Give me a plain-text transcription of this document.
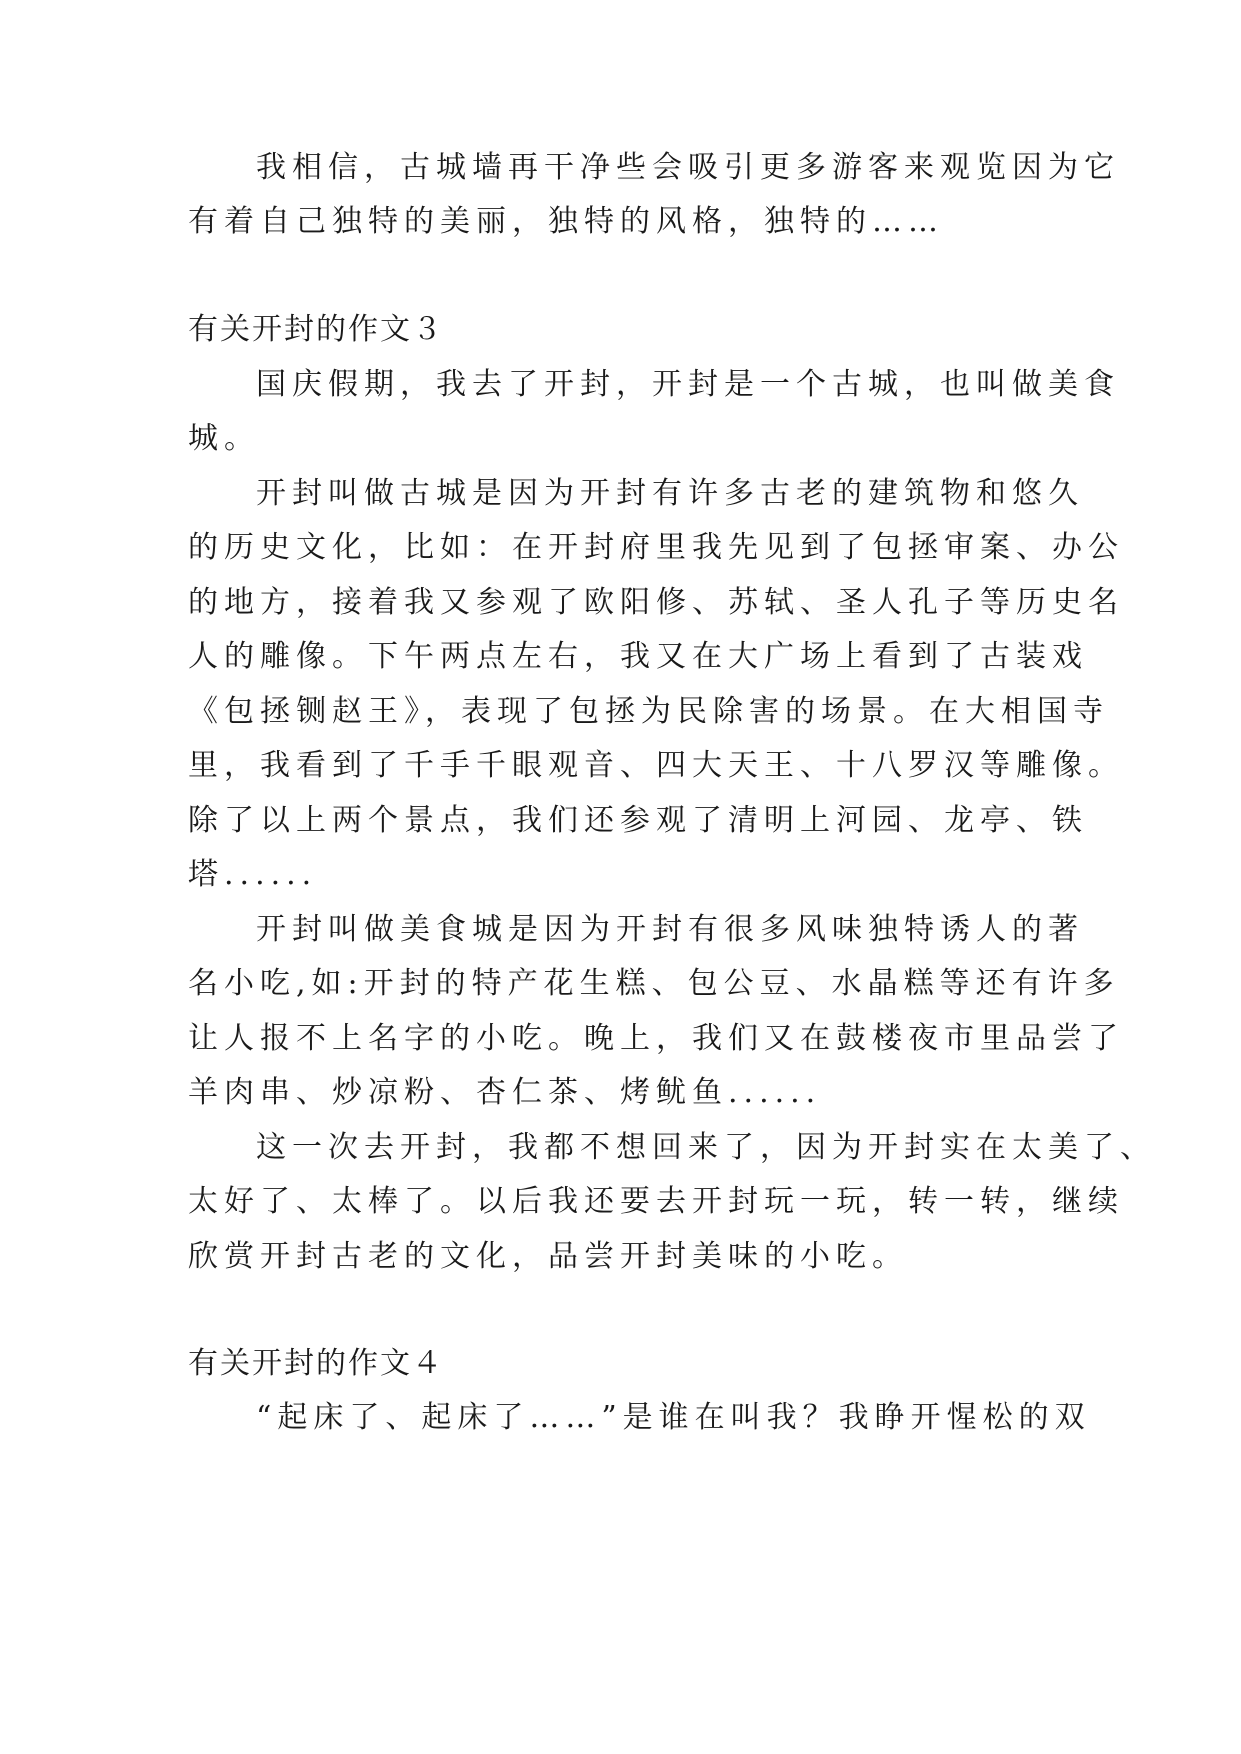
我相信，古城墙再干净些会吸引更多游客来观览因为它
有着自己独特的美丽，独特的风格，独特的……
有关开封的作文３
国庆假期，我去了开封，开封是一个古城，也叫做美食
城。
开封叫做古城是因为开封有许多古老的建筑物和悠久
的历史文化，比如：在开封府里我先见到了包拯审案、办公
的地方，接着我又参观了欧阳修、苏轼、圣人孔子等历史名
人的雕像。下午两点左右，我又在大广场上看到了古装戏
《包拯铡赵王》，表现了包拯为民除害的场景。在大相国寺
里，我看到了千手千眼观音、四大天王、十八罗汉等雕像。
除了以上两个景点，我们还参观了清明上河园、龙亭、铁
塔......
开封叫做美食城是因为开封有很多风味独特诱人的著
名小吃,如:开封的特产花生糕、包公豆、水晶糕等还有许多
让人报不上名字的小吃。晚上，我们又在鼓楼夜市里品尝了
羊肉串、炒凉粉、杏仁茶、烤鱿鱼......
这一次去开封，我都不想回来了，因为开封实在太美了、
太好了、太棒了。以后我还要去开封玩一玩，转一转，继续
欣赏开封古老的文化，品尝开封美味的小吃。
有关开封的作文４
“起床了、起床了……”是谁在叫我？我睁开惺松的双
